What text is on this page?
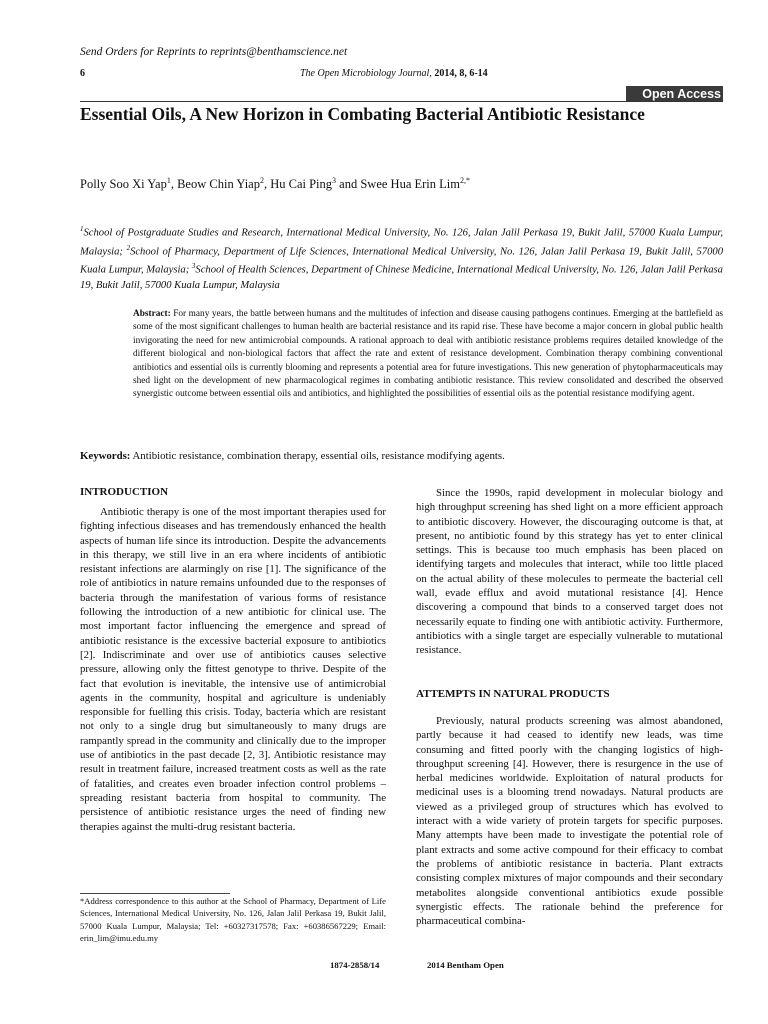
Send Orders for Reprints to reprints@benthamscience.net
6	The Open Microbiology Journal, 2014, 8, 6-14
Open Access
Essential Oils, A New Horizon in Combating Bacterial Antibiotic Resistance
Polly Soo Xi Yap$^1$, Beow Chin Yiap$^2$, Hu Cai Ping$^3$ and Swee Hua Erin Lim$^{2,*}$
$^1$School of Postgraduate Studies and Research, International Medical University, No. 126, Jalan Jalil Perkasa 19, Bukit Jalil, 57000 Kuala Lumpur, Malaysia; $^2$School of Pharmacy, Department of Life Sciences, International Medical University, No. 126, Jalan Jalil Perkasa 19, Bukit Jalil, 57000 Kuala Lumpur, Malaysia; $^3$School of Health Sciences, Department of Chinese Medicine, International Medical University, No. 126, Jalan Jalil Perkasa 19, Bukit Jalil, 57000 Kuala Lumpur, Malaysia
Abstract: For many years, the battle between humans and the multitudes of infection and disease causing pathogens continues. Emerging at the battlefield as some of the most significant challenges to human health are bacterial resistance and its rapid rise. These have become a major concern in global public health invigorating the need for new antimicrobial compounds. A rational approach to deal with antibiotic resistance problems requires detailed knowledge of the different biological and non-biological factors that affect the rate and extent of resistance development. Combination therapy combining conventional antibiotics and essential oils is currently blooming and represents a potential area for future investigations. This new generation of phytopharmaceuticals may shed light on the development of new pharmacological regimes in combating antibiotic resistance. This review consolidated and described the observed synergistic outcome between essential oils and antibiotics, and highlighted the possibilities of essential oils as the potential resistance modifying agent.
Keywords: Antibiotic resistance, combination therapy, essential oils, resistance modifying agents.
INTRODUCTION

Antibiotic therapy is one of the most important therapies used for fighting infectious diseases and has tremendously enhanced the health aspects of human life since its introduction. Despite the advancements in this therapy, we still live in an era where incidents of antibiotic resistant infections are alarmingly on rise [1]. The significance of the role of antibiotics in nature remains unfounded due to the responses of bacteria through the manifestation of various forms of resistance following the introduction of a new antibiotic for clinical use. The most important factor influencing the emergence and spread of antibiotic resistance is the excessive bacterial exposure to antibiotics [2]. Indiscriminate and over use of antibiotics causes selective pressure, allowing only the fittest genotype to thrive. Despite of the fact that evolution is inevitable, the intensive use of antimicrobial agents in the community, hospital and agriculture is undeniably responsible for fuelling this crisis. Today, bacteria which are resistant not only to a single drug but simultaneously to many drugs are rampantly spread in the community and clinically due to the improper use of antibiotics in the past decade [2, 3]. Antibiotic resistance may result in treatment failure, increased treatment costs as well as the rate of fatalities, and creates even broader infection control problems – spreading resistant bacteria from hospital to community. The persistence of antibiotic resistance urges the need of finding new therapies against the multi-drug resistant bacteria.

Since the 1990s, rapid development in molecular biology and high throughput screening has shed light on a more efficient approach to antibiotic discovery. However, the discouraging outcome is that, at present, no antibiotic found by this strategy has yet to enter clinical settings. This is because too much emphasis has been placed on identifying targets and molecules that interact, while too little placed on the actual ability of these molecules to permeate the bacterial cell wall, evade efflux and avoid mutational resistance [4]. Hence discovering a compound that binds to a conserved target does not necessarily equate to finding one with antibiotic activity. Furthermore, antibiotics with a single target are especially vulnerable to mutational resistance.

ATTEMPTS IN NATURAL PRODUCTS

Previously, natural products screening was almost abandoned, partly because it had ceased to identify new leads, was time consuming and fitted poorly with the changing logistics of high-throughput screening [4]. However, there is resurgence in the use of herbal medicines worldwide. Exploitation of natural products for medicinal uses is a blooming trend nowadays. Natural products are viewed as a privileged group of structures which has evolved to interact with a wide variety of protein targets for specific purposes. Many attempts have been made to investigate the potential role of plant extracts and some active compound for their efficacy to combat the problems of antibiotic resistance in bacteria. Plant extracts consisting complex mixtures of major compounds and their secondary metabolites alongside conventional antibiotics exude possible synergistic effects. The rationale behind the preference for pharmaceutical combina-

*Address correspondence to this author at the School of Pharmacy, Department of Life Sciences, International Medical University, No. 126, Jalan Jalil Perkasa 19, Bukit Jalil, 57000 Kuala Lumpur, Malaysia; Tel: +60327317578; Fax: +60386567229; Email: erin_lim@imu.edu.my
1874-2858/14	2014 Bentham Open
